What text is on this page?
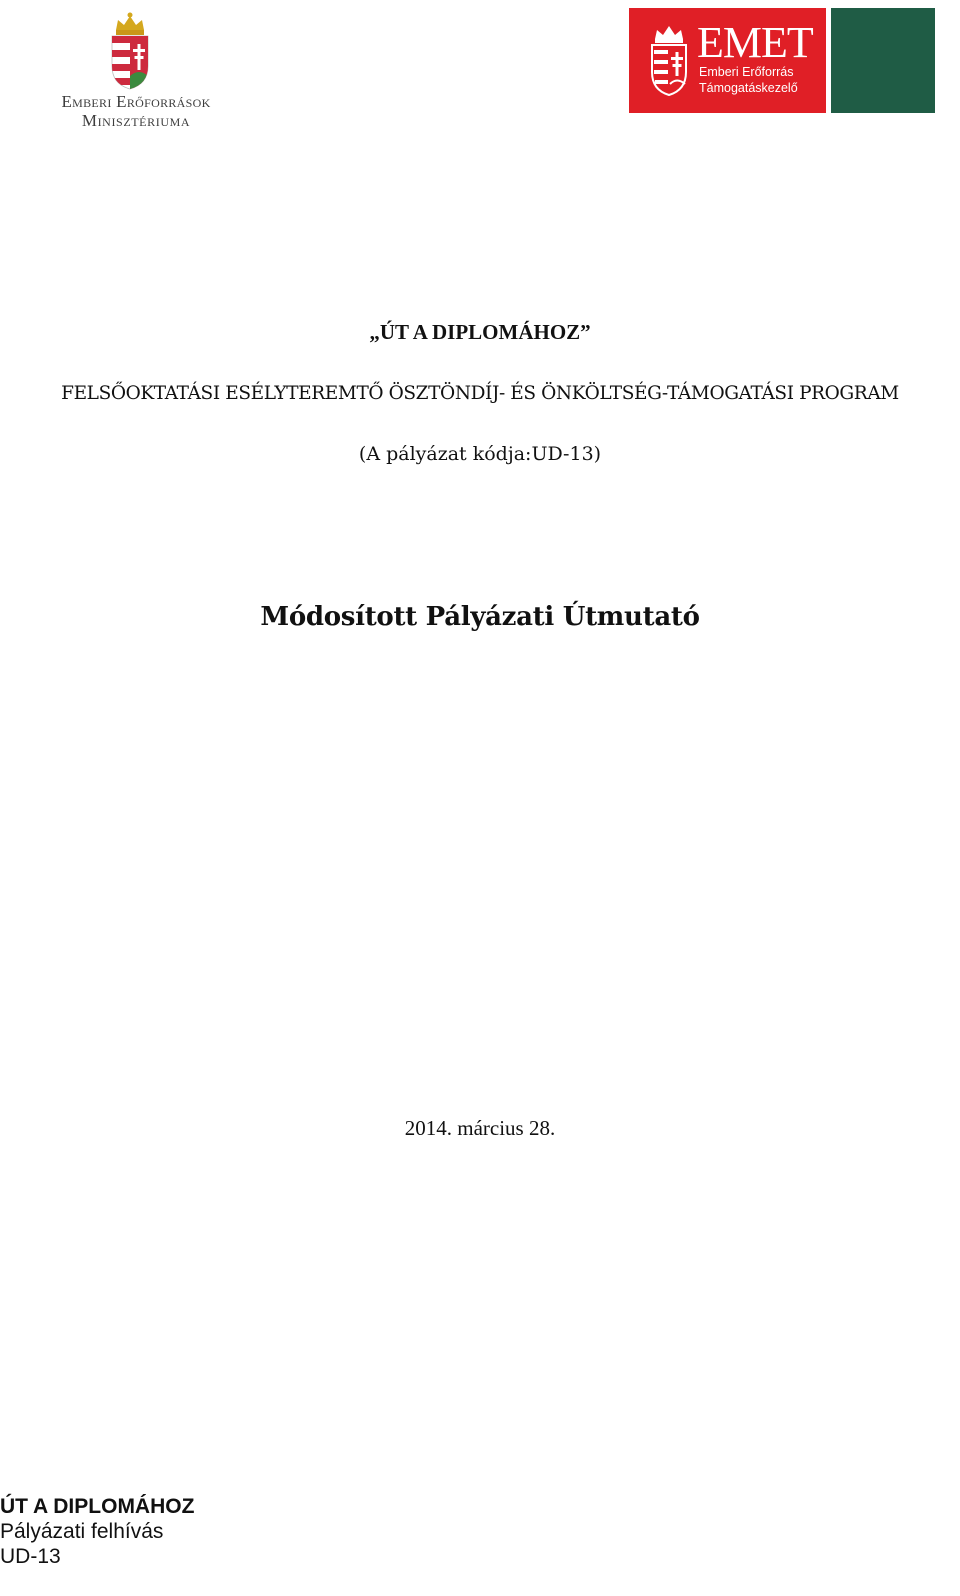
Emberi Erőforrások
Minisztériuma
EMET
Emberi Erőforrás
Támogatáskezelő
„ÚT A DIPLOMÁHOZ”

FELSŐOKTATÁSI ESÉLYTEREMTŐ ÖSZTÖNDÍJ- ÉS ÖNKÖLTSÉG-TÁMOGATÁSI PROGRAM

(A pályázat kódja:UD-13)

Módosított Pályázati Útmutató

2014. március 28.

ÚT A DIPLOMÁHOZ
Pályázati felhívás
UD-13
